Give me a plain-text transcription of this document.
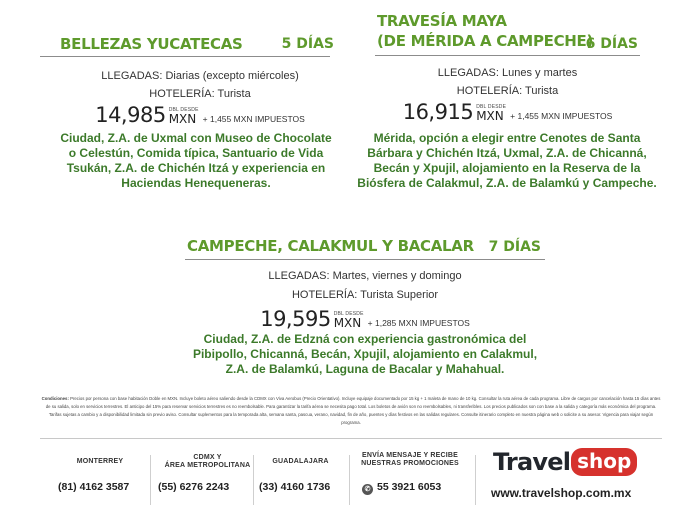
BELLEZAS YUCATECAS	5 DÍAS
LLEGADAS: Diarias (excepto miércoles)
HOTELERÍA: Turista
14,985 DBL DESDE
MXN + 1,455 MXN IMPUESTOS
Ciudad, Z.A. de Uxmal con Museo de Chocolate o Celestún, Comida típica, Santuario de Vida Tsukán, Z.A. de Chichén Itzá y experiencia en Haciendas Henequeneras.
TRAVESÍA MAYA
(DE MÉRIDA A CAMPECHE)
6 DÍAS
LLEGADAS: Lunes y martes
HOTELERÍA: Turista
16,915 DBL DESDE
MXN + 1,455 MXN IMPUESTOS
Mérida, opción a elegir entre Cenotes de Santa Bárbara y Chichén Itzá, Uxmal, Z.A. de Chicanná, Becán y Xpujil, alojamiento en la Reserva de la Biósfera de Calakmul, Z.A. de Balamkú y Campeche.
CAMPECHE, CALAKMUL Y BACALAR 7 DÍAS
LLEGADAS: Martes, viernes y domingo
HOTELERÍA: Turista Superior
19,595 DBL DESDE
MXN + 1,285 MXN IMPUESTOS
Ciudad, Z.A. de Edzná con experiencia gastronómica del Pibipollo, Chicanná, Becán, Xpujil, alojamiento en Calakmul, Z.A. de Balamkú, Laguna de Bacalar y Mahahual.
Condiciones: Precios por persona con base habitación Doble en MXN. Incluye boleto aéreo saliendo desde la CDMX con Viva Aerobus (Precio Orientativo). Incluye equipaje documentado por 15 kg + 1 maleta de mano de 10 kg. Consultar la ruta aérea de cada programa. Libre de cargos por cancelación hasta 15 días antes de su salida, solo en servicios terrestres. El anticipo del 15% para reservar servicios terrestres es no reembolsable. Para garantizar la tarifa aérea se necesita pago total. Los boletos de avión son no reembolsables, ni transferibles. Los precios publicados son con base a la salida y categoría más económica del programa. Tarifas sujetas a cambio y a disponibilidad limitada sin previo aviso. Consultar suplementos para la temporada alta, semana santa, pascua, verano, navidad, fin de año, puentes y días festivos en las salidas regulares. Consulte itinerario completo en nuestra página web o solicite a su asesor. Vigencia para viajar según programa.
MONTERREY
(81) 4162 3587
CDMX Y
ÁREA METROPOLITANA
(55) 6276 2243
GUADALAJARA
(33) 4160 1736
ENVÍA MENSAJE Y RECIBE
NUESTRAS PROMOCIONES
✆ 55 3921 6053
Travel shop
www.travelshop.com.mx
